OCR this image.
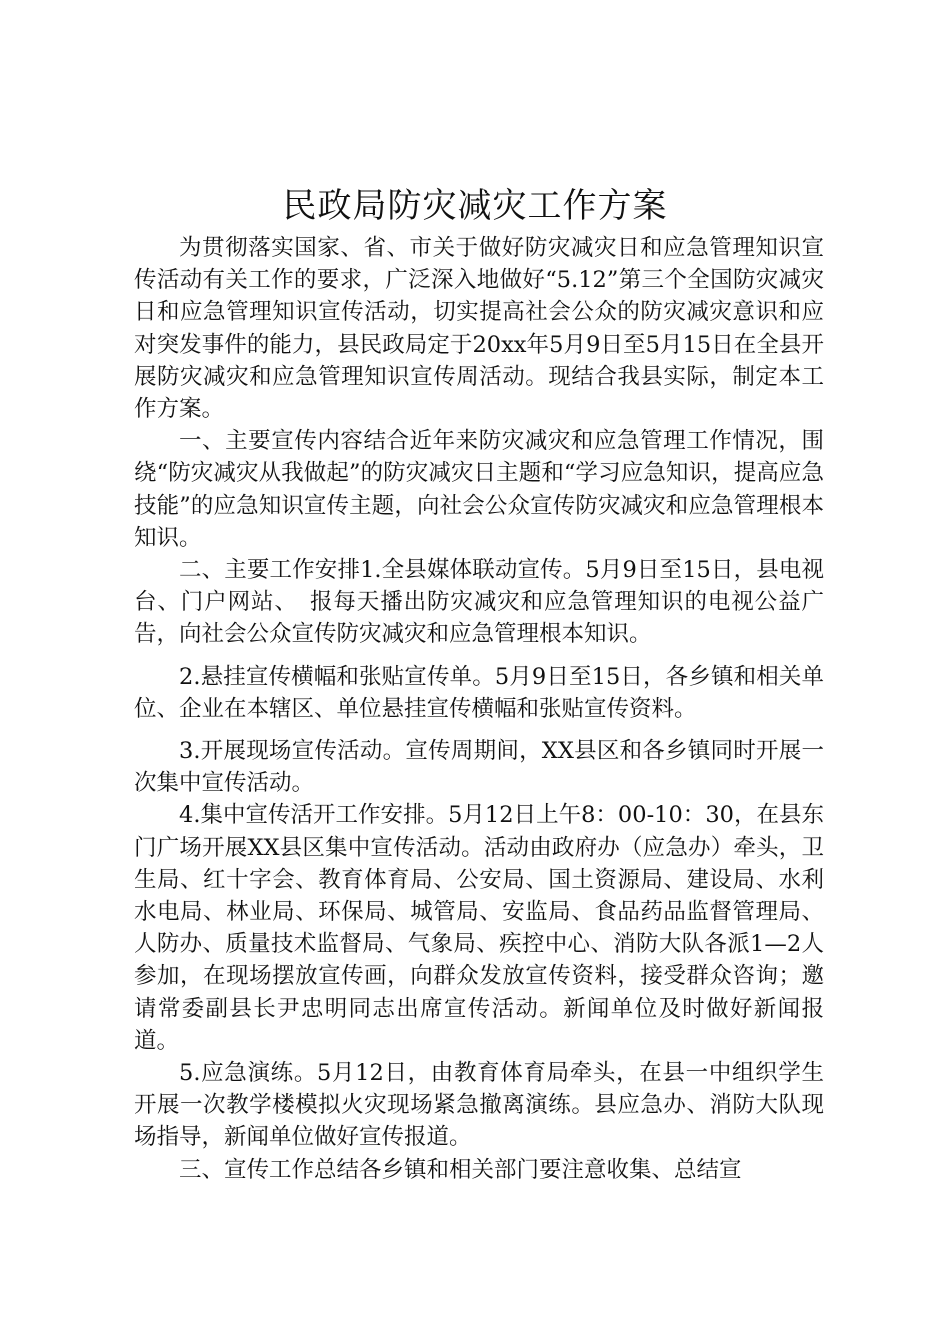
民政局防灾减灾工作方案

为贯彻落实国家、省、市关于做好防灾减灾日和应急管理知识宣传活动有关工作的要求，广泛深入地做好“5.12”第三个全国防灾减灾日和应急管理知识宣传活动，切实提高社会公众的防灾减灾意识和应对突发事件的能力，县民政局定于20xx年5月9日至5月15日在全县开展防灾减灾和应急管理知识宣传周活动。现结合我县实际，制定本工作方案。

一、主要宣传内容结合近年来防灾减灾和应急管理工作情况，围绕“防灾减灾从我做起”的防灾减灾日主题和“学习应急知识，提高应急技能”的应急知识宣传主题，向社会公众宣传防灾减灾和应急管理根本知识。

二、主要工作安排1.全县媒体联动宣传。5月9日至15日，县电视台、门户网站、　报每天播出防灾减灾和应急管理知识的电视公益广告，向社会公众宣传防灾减灾和应急管理根本知识。

2.悬挂宣传横幅和张贴宣传单。5月9日至15日，各乡镇和相关单位、企业在本辖区、单位悬挂宣传横幅和张贴宣传资料。

3.开展现场宣传活动。宣传周期间，XX县区和各乡镇同时开展一次集中宣传活动。

4.集中宣传活开工作安排。5月12日上午8：00-10：30，在县东门广场开展XX县区集中宣传活动。活动由政府办（应急办）牵头，卫生局、红十字会、教育体育局、公安局、国土资源局、建设局、水利水电局、林业局、环保局、城管局、安监局、食品药品监督管理局、人防办、质量技术监督局、气象局、疾控中心、消防大队各派1—2人参加，在现场摆放宣传画，向群众发放宣传资料，接受群众咨询；邀请常委副县长尹忠明同志出席宣传活动。新闻单位及时做好新闻报道。

5.应急演练。5月12日，由教育体育局牵头，在县一中组织学生开展一次教学楼模拟火灾现场紧急撤离演练。县应急办、消防大队现场指导，新闻单位做好宣传报道。

三、宣传工作总结各乡镇和相关部门要注意收集、总结宣
